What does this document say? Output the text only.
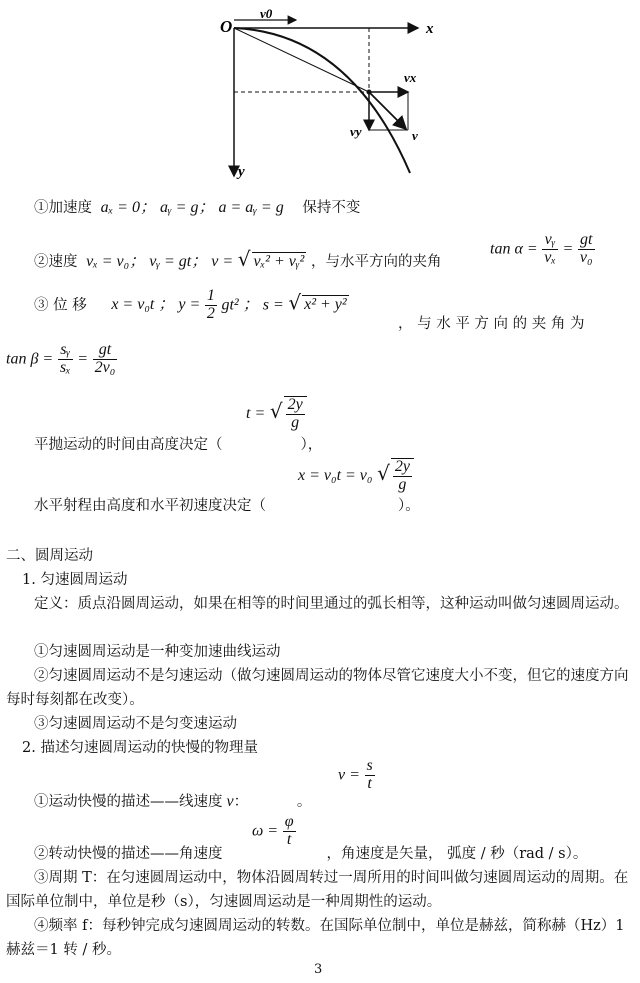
O
v0
x
y
vx
vy	v
①加速度 aₓ = 0； aᵧ = g； a = aᵧ = g 保持不变
$\tan \alpha = \frac{\text{vᵧ}}{\text{vₓ}} = \frac{gt}{\text{v₀}}$
②速度 vₓ = v₀； vᵧ = gt； v = √ vₓ² + vᵧ² ，与水平方向的夹角
③ 位 移 x = v₀t ； $y = \frac{1}{2} gt^2$ ； s = √ x² + y²
， 与 水 平 方 向 的 夹 角 为
$\tan \beta = \frac{\text{sᵧ}}{\text{sₓ}} = \frac{gt}{\text{2v₀}}$
t = √ $\frac{2y}{g}$
平抛运动的时间由高度决定（	），
x = v₀t = v₀ √ $\frac{2y}{g}$
水平射程由高度和水平初速度决定（	）。
二、圆周运动
1. 匀速圆周运动
定义：质点沿圆周运动，如果在相等的时间里通过的弧长相等，这种运动叫做匀速圆周运动。
①匀速圆周运动是一种变加速曲线运动
②匀速圆周运动不是匀速运动（做匀速圆周运动的物体尽管它速度大小不变，但它的速度方向每时每刻都在改变）。
③匀速圆周运动不是匀变速运动
2. 描述匀速圆周运动的快慢的物理量
$v = \frac{s}{t}$
①运动快慢的描述——线速度 v：	。
$\omega = \frac{\varphi}{t}$
②转动快慢的描述——角速度	，角速度是矢量， 弧度 / 秒（rad / s）。
③周期 T：在匀速圆周运动中，物体沿圆周转过一周所用的时间叫做匀速圆周运动的周期。在国际单位制中，单位是秒（s），匀速圆周运动是一种周期性的运动。
④频率 f：每秒钟完成匀速圆周运动的转数。在国际单位制中，单位是赫兹，简称赫（Hz）1 赫兹＝1 转 / 秒。
3
